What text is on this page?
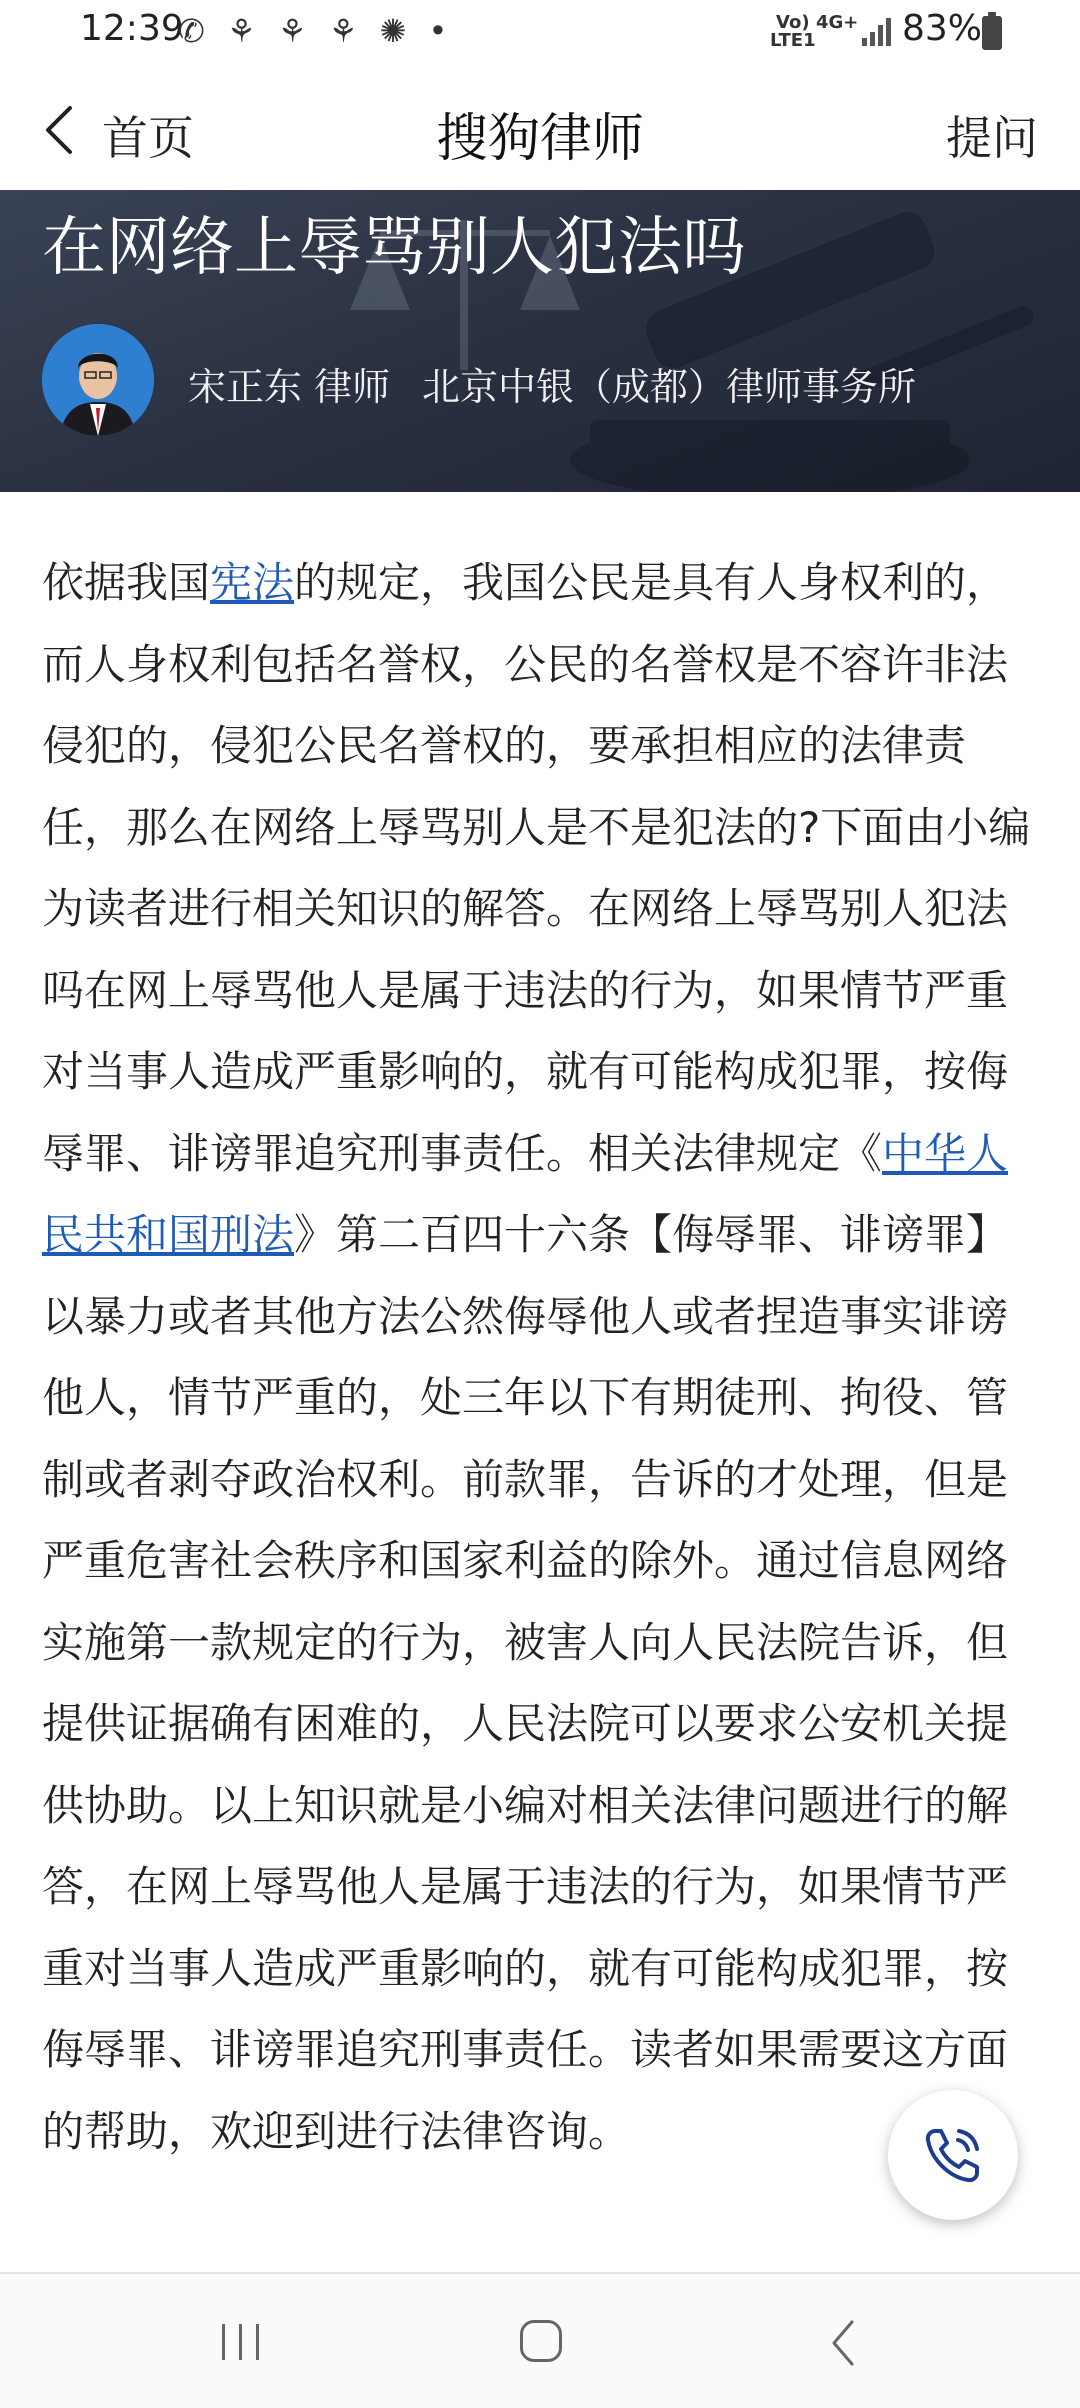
12:39
✆ ⚘ ⚘ ⚘ ✺ •	Vo)
LTE1
4G+ 83%
首页	搜狗律师	提问
在网络上辱骂别人犯法吗
宋正东 律师 北京中银（成都）律师事务所

依据我国宪法的规定，我国公民是具有人身权利的，而人身权利包括名誉权，公民的名誉权是不容许非法侵犯的，侵犯公民名誉权的，要承担相应的法律责任，那么在网络上辱骂别人是不是犯法的?下面由小编为读者进行相关知识的解答。在网络上辱骂别人犯法吗在网上辱骂他人是属于违法的行为，如果情节严重对当事人造成严重影响的，就有可能构成犯罪，按侮辱罪、诽谤罪追究刑事责任。相关法律规定《中华人民共和国刑法》第二百四十六条【侮辱罪、诽谤罪】以暴力或者其他方法公然侮辱他人或者捏造事实诽谤他人，情节严重的，处三年以下有期徒刑、拘役、管制或者剥夺政治权利。前款罪，告诉的才处理，但是严重危害社会秩序和国家利益的除外。通过信息网络实施第一款规定的行为，被害人向人民法院告诉，但提供证据确有困难的，人民法院可以要求公安机关提供协助。以上知识就是小编对相关法律问题进行的解答，在网上辱骂他人是属于违法的行为，如果情节严重对当事人造成严重影响的，就有可能构成犯罪，按侮辱罪、诽谤罪追究刑事责任。读者如果需要这方面的帮助，欢迎到进行法律咨询。
